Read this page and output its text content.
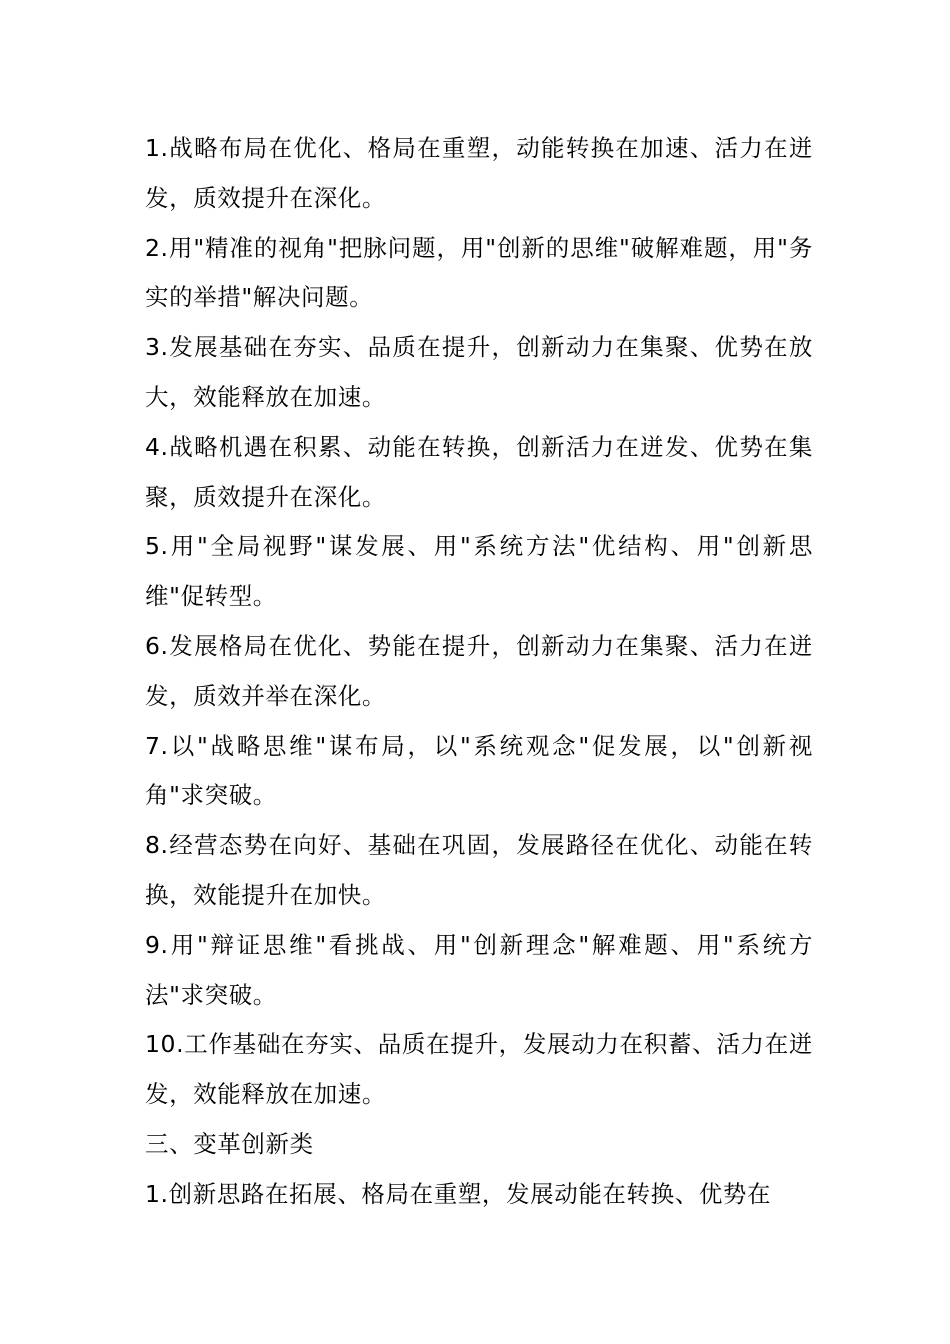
1.战略布局在优化、格局在重塑，动能转换在加速、活力在迸发，质效提升在深化。

2.用"精准的视角"把脉问题，用"创新的思维"破解难题，用"务实的举措"解决问题。

3.发展基础在夯实、品质在提升，创新动力在集聚、优势在放大，效能释放在加速。

4.战略机遇在积累、动能在转换，创新活力在迸发、优势在集聚，质效提升在深化。

5.用"全局视野"谋发展、用"系统方法"优结构、用"创新思维"促转型。

6.发展格局在优化、势能在提升，创新动力在集聚、活力在迸发，质效并举在深化。

7.以"战略思维"谋布局，以"系统观念"促发展，以"创新视角"求突破。

8.经营态势在向好、基础在巩固，发展路径在优化、动能在转换，效能提升在加快。

9.用"辩证思维"看挑战、用"创新理念"解难题、用"系统方法"求突破。

10.工作基础在夯实、品质在提升，发展动力在积蓄、活力在迸发，效能释放在加速。

三、变革创新类

1.创新思路在拓展、格局在重塑，发展动能在转换、优势在
